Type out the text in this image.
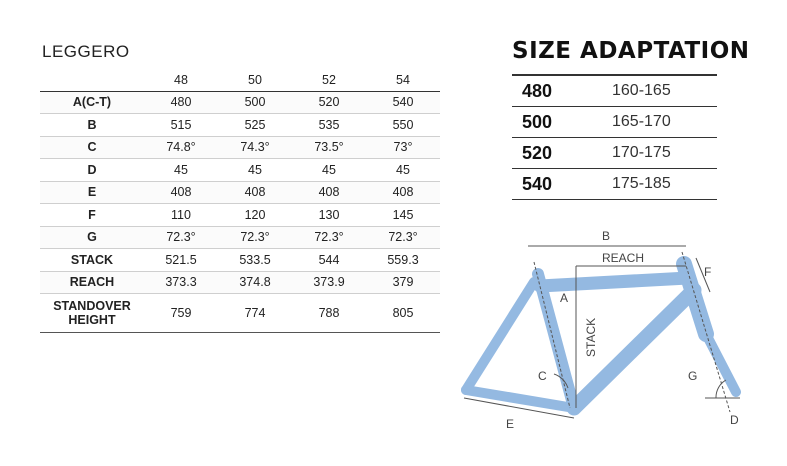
LEGGERO
	48	50	52	54
A(C-T)	480	500	520	540
B	515	525	535	550
C	74.8°	74.3°	73.5°	73°
D	45	45	45	45
E	408	408	408	408
F	110	120	130	145
G	72.3°	72.3°	72.3°	72.3°
STACK	521.5	533.5	544	559.3
REACH	373.3	374.8	373.9	379
STANDOVER
HEIGHT	759	774	788	805
SIZE ADAPTATION
480	160-165
500	165-170
520	170-175
540	175-185
B
REACH
STACK
A
C
E
F
G
D
